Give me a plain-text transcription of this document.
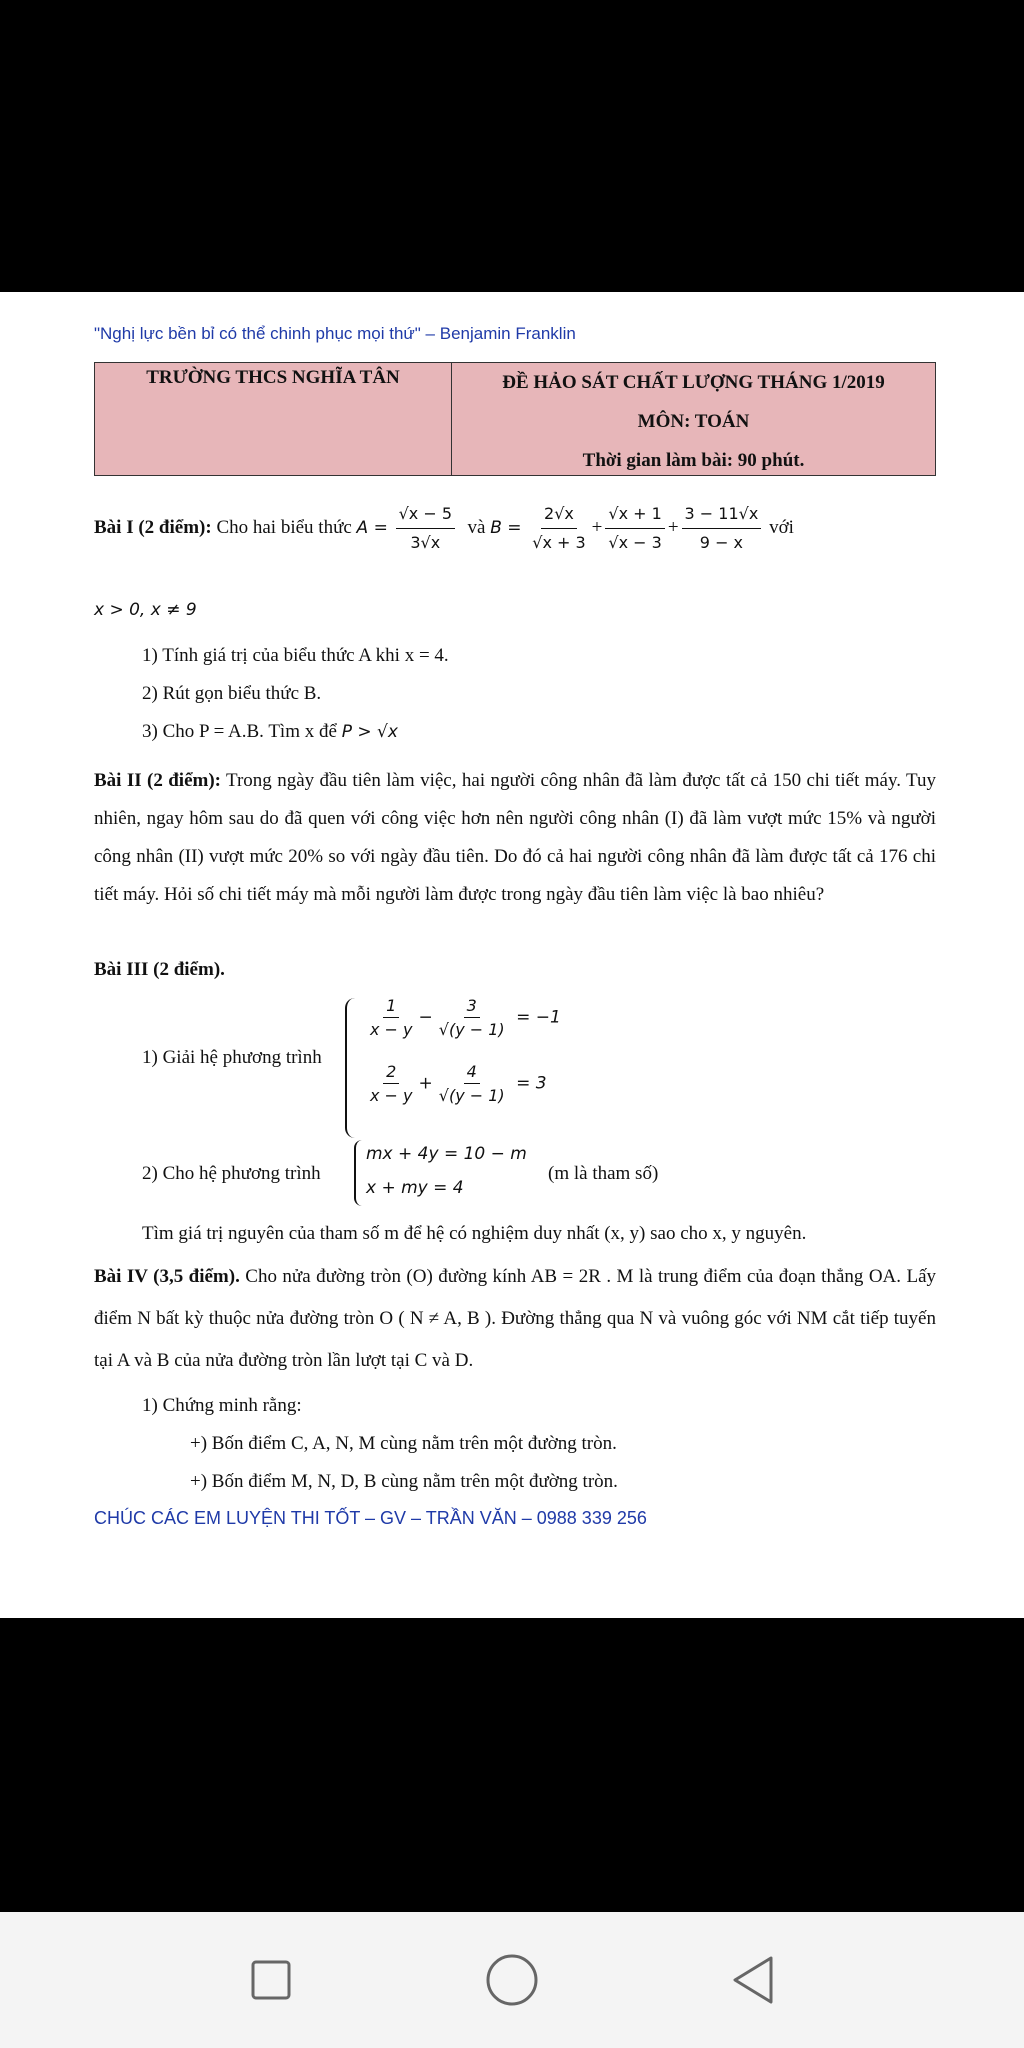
"Nghị lực bền bỉ có thể chinh phục mọi thứ" – Benjamin Franklin
TRƯỜNG THCS NGHĨA TÂN	ĐỀ HẢO SÁT CHẤT LƯỢNG THÁNG 1/2019
MÔN: TOÁN
Thời gian làm bài: 90 phút.
Bài I (2 điểm): Cho hai biểu thức $A = \frac{√x - 5}{3√x}$ và $B = \frac{2√x}{√x + 3} + \frac{√x + 1}{√x - 3} + \frac{3 - 11√x}{9 - x}$ với
x > 0, x ≠ 9
1) Tính giá trị của biểu thức A khi x = 4.
2) Rút gọn biểu thức B.
3) Cho P = A.B. Tìm x để P > √x
Bài II (2 điểm): Trong ngày đầu tiên làm việc, hai người công nhân đã làm được tất cả 150 chi tiết máy. Tuy nhiên, ngay hôm sau do đã quen với công việc hơn nên người công nhân (I) đã làm vượt mức 15% và người công nhân (II) vượt mức 20% so với ngày đầu tiên. Do đó cả hai người công nhân đã làm được tất cả 176 chi tiết máy. Hỏi số chi tiết máy mà mỗi người làm được trong ngày đầu tiên làm việc là bao nhiêu?
Bài III (2 điểm).
1) Giải hệ phương trình
$\frac{1}{x - y} - \frac{3}{√(y - 1)} = -1$
$\frac{2}{x - y} + \frac{4}{√(y - 1)} = 3$
2) Cho hệ phương trình
mx + 4y = 10 − m
x + my = 4
(m là tham số)
Tìm giá trị nguyên của tham số m để hệ có nghiệm duy nhất (x, y) sao cho x, y nguyên.
Bài IV (3,5 điểm). Cho nửa đường tròn (O) đường kính AB = 2R . M là trung điểm của đoạn thẳng OA. Lấy điểm N bất kỳ thuộc nửa đường tròn O ( N ≠ A, B ). Đường thẳng qua N và vuông góc với NM cắt tiếp tuyến tại A và B của nửa đường tròn lần lượt tại C và D.
1) Chứng minh rằng:
+) Bốn điểm C, A, N, M cùng nằm trên một đường tròn.
+) Bốn điểm M, N, D, B cùng nằm trên một đường tròn.
CHÚC CÁC EM LUYỆN THI TỐT – GV – TRẦN VĂN – 0988 339 256
